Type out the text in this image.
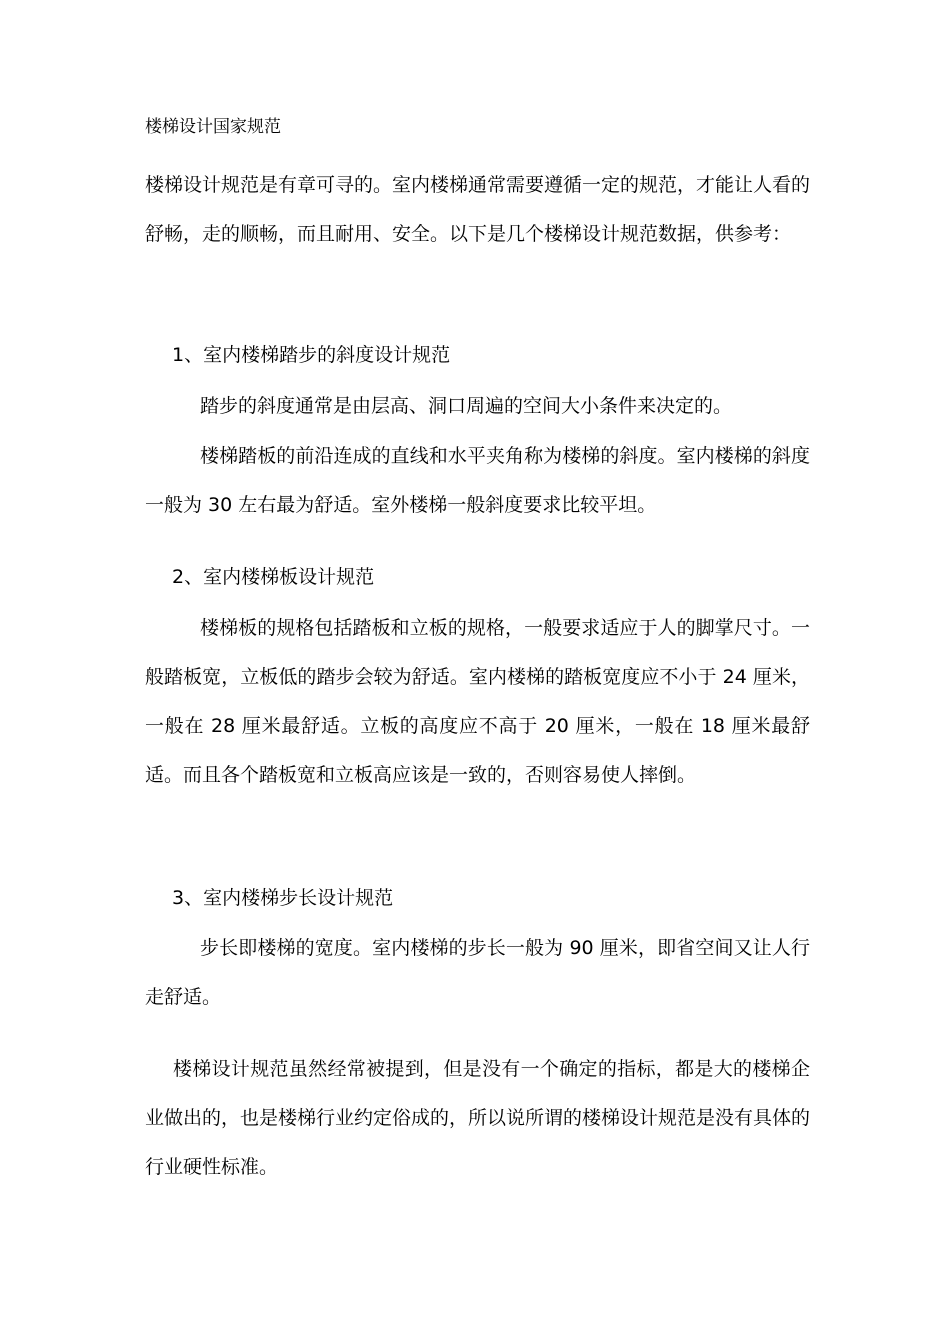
楼梯设计国家规范

楼梯设计规范是有章可寻的。室内楼梯通常需要遵循一定的规范，才能让人看的舒畅，走的顺畅，而且耐用、安全。以下是几个楼梯设计规范数据，供参考：

1、室内楼梯踏步的斜度设计规范

踏步的斜度通常是由层高、洞口周遍的空间大小条件来决定的。

楼梯踏板的前沿连成的直线和水平夹角称为楼梯的斜度。室内楼梯的斜度一般为 30 左右最为舒适。室外楼梯一般斜度要求比较平坦。

2、室内楼梯板设计规范

楼梯板的规格包括踏板和立板的规格，一般要求适应于人的脚掌尺寸。一般踏板宽，立板低的踏步会较为舒适。室内楼梯的踏板宽度应不小于 24 厘米，一般在 28 厘米最舒适。立板的高度应不高于 20 厘米，一般在 18 厘米最舒适。而且各个踏板宽和立板高应该是一致的，否则容易使人摔倒。

3、室内楼梯步长设计规范

步长即楼梯的宽度。室内楼梯的步长一般为 90 厘米，即省空间又让人行走舒适。

楼梯设计规范虽然经常被提到，但是没有一个确定的指标，都是大的楼梯企业做出的，也是楼梯行业约定俗成的，所以说所谓的楼梯设计规范是没有具体的行业硬性标准。
